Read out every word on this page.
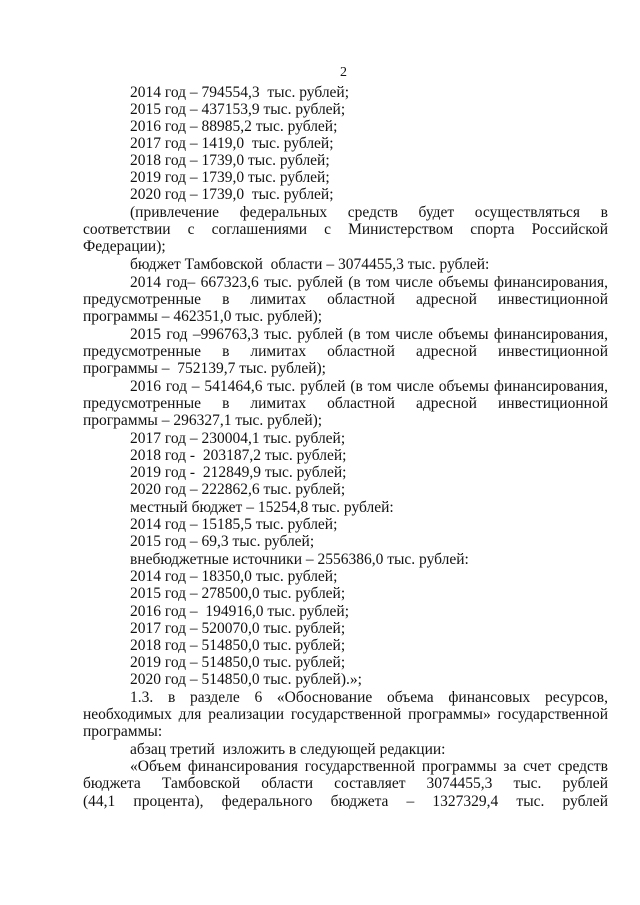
2
2014 год – 794554,3  тыс. рублей;
2015 год – 437153,9 тыс. рублей;
2016 год – 88985,2 тыс. рублей;
2017 год – 1419,0  тыс. рублей;
2018 год – 1739,0 тыс. рублей;
2019 год – 1739,0 тыс. рублей;
2020 год – 1739,0  тыс. рублей;
(привлечение федеральных средств будет осуществляться в
соответствии с соглашениями с Министерством спорта Российской
Федерации);
бюджет Тамбовской  области – 3074455,3 тыс. рублей:
2014 год– 667323,6 тыс. рублей (в том числе объемы финансирования,
предусмотренные в лимитах областной адресной инвестиционной
программы – 462351,0 тыс. рублей);
2015 год –996763,3 тыс. рублей (в том числе объемы финансирования,
предусмотренные в лимитах областной адресной инвестиционной
программы –  752139,7 тыс. рублей);
2016 год – 541464,6 тыс. рублей (в том числе объемы финансирования,
предусмотренные в лимитах областной адресной инвестиционной
программы – 296327,1 тыс. рублей);
2017 год – 230004,1 тыс. рублей;
2018 год -  203187,2 тыс. рублей;
2019 год -  212849,9 тыс. рублей;
2020 год – 222862,6 тыс. рублей;
местный бюджет – 15254,8 тыс. рублей:
2014 год – 15185,5 тыс. рублей;
2015 год – 69,3 тыс. рублей;
внебюджетные источники – 2556386,0 тыс. рублей:
2014 год – 18350,0 тыс. рублей;
2015 год – 278500,0 тыс. рублей;
2016 год –  194916,0 тыс. рублей;
2017 год – 520070,0 тыс. рублей;
2018 год – 514850,0 тыс. рублей;
2019 год – 514850,0 тыс. рублей;
2020 год – 514850,0 тыс. рублей).»;
1.3. в разделе 6 «Обоснование объема финансовых ресурсов,
необходимых для реализации государственной программы» государственной
программы:
абзац третий  изложить в следующей редакции:
«Объем финансирования государственной программы за счет средств
бюджета Тамбовской области составляет 3074455,3 тыс. рублей
(44,1 процента), федерального бюджета – 1327329,4 тыс. рублей
